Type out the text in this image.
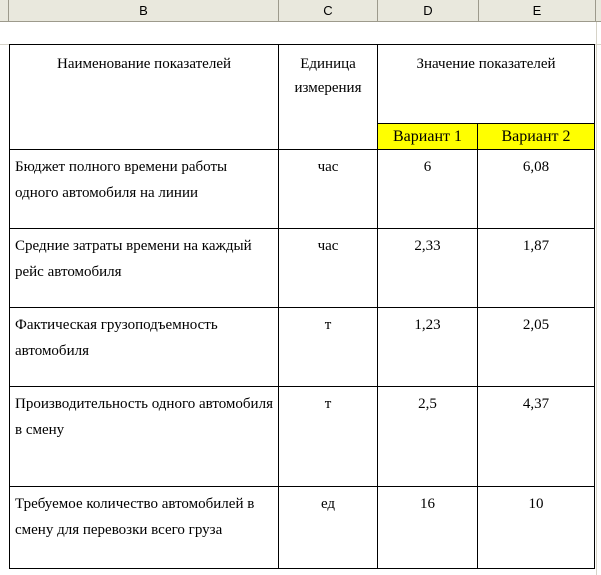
B	C	D	E
Наименование показателей	Единица измерения	Значение показателей	
		Вариант 1	Вариант 2
Бюджет полного времени работы одного автомобиля на линии	час	6	6,08
Средние затраты времени на каждый рейс автомобиля	час	2,33	1,87
Фактическая грузоподъемность автомобиля	т	1,23	2,05
Производительность одного автомобиля в смену	т	2,5	4,37
Требуемое количество автомобилей в смену для перевозки всего груза	ед	16	10
